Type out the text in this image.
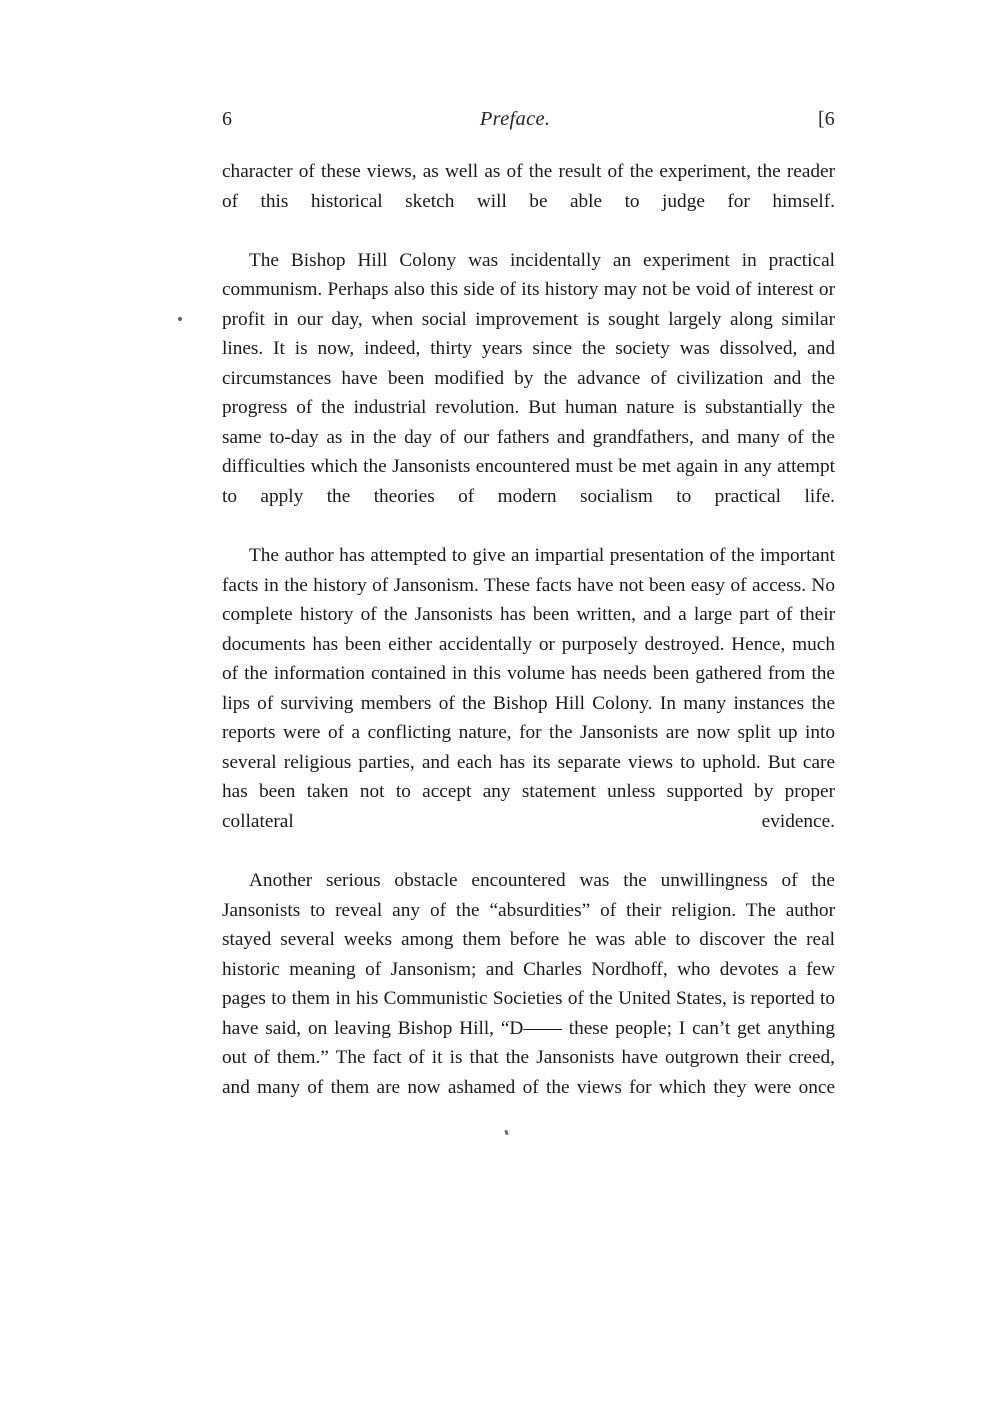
6	Preface.	[6

character of these views, as well as of the result of the experiment, the reader of this historical sketch will be able to judge for himself.

The Bishop Hill Colony was incidentally an experiment in practical communism. Perhaps also this side of its history may not be void of interest or profit in our day, when social improvement is sought largely along similar lines. It is now, indeed, thirty years since the society was dissolved, and circumstances have been modified by the advance of civilization and the progress of the industrial revolution. But human nature is substantially the same to-day as in the day of our fathers and grandfathers, and many of the difficulties which the Jansonists encountered must be met again in any attempt to apply the theories of modern socialism to practical life.

The author has attempted to give an impartial presentation of the important facts in the history of Jansonism. These facts have not been easy of access. No complete history of the Jansonists has been written, and a large part of their documents has been either accidentally or purposely destroyed. Hence, much of the information contained in this volume has needs been gathered from the lips of surviving members of the Bishop Hill Colony. In many instances the reports were of a conflicting nature, for the Jansonists are now split up into several religious parties, and each has its separate views to uphold. But care has been taken not to accept any statement unless supported by proper collateral evidence.

Another serious obstacle encountered was the unwillingness of the Jansonists to reveal any of the “absurdities” of their religion. The author stayed several weeks among them before he was able to discover the real historic meaning of Jansonism; and Charles Nordhoff, who devotes a few pages to them in his Communistic Societies of the United States, is reported to have said, on leaving Bishop Hill, “D—— these people; I can’t get anything out of them.” The fact of it is that the Jansonists have outgrown their creed, and many of them are now ashamed of the views for which they were once
